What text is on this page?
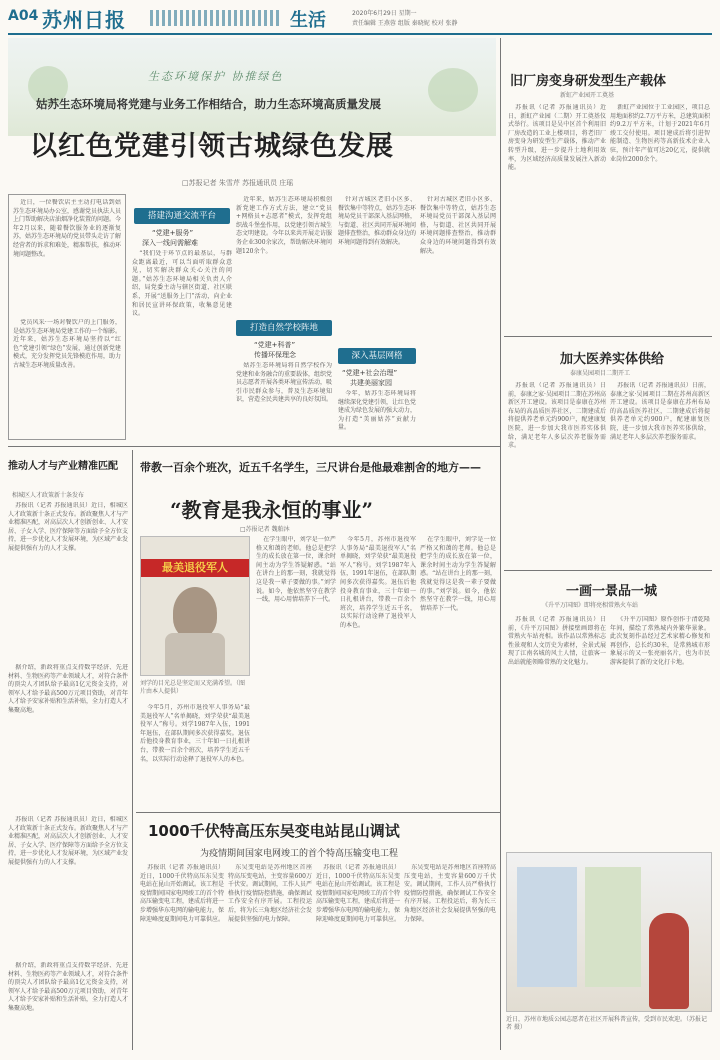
A04 苏州日报	生活	2020年6月29日 星期一
责任编辑 王燕蓉 组版 秦晓妮 校对 张静
生态环境保护 协推绿色
姑苏生态环境局将党建与业务工作相结合，助力生态环境高质量发展
以红色党建引领古城绿色发展
□苏报记者 朱雪芹 苏报通讯员 庄瑶
近日，一位餐饮店主主动打电话到姑苏生态环境局办公室，感谢党员执法人员上门帮助解决店油烟净化装置的问题。今年2月以来，随着餐饮服务业的逐渐复苏，姑苏生态环境局的党员带头走访了解经营者的诉求和难处，精准帮扶，推动环境问题整改。
党员风采·一场对餐饮户的上门服务，是姑苏生态环境局党建工作的一个缩影。近年来，姑苏生态环境局坚持以“红色”党建引领“绿色”发展，通过创新党建模式，充分发挥党员先锋模范作用，助力古城生态环境质量改善。
搭建沟通交流平台
“党建+服务”
深入一线问需解难
“我们处于环节点的最基层，与群众距离最近，可以当面听取群众意见，切实解决群众关心关注的问题。”姑苏生态环境局相关负责人介绍，局党委主动与辖区街道、社区联系，开展“送服务上门”活动，向企业和居民宣讲环保政策，收集意见建议。
近年来，姑苏生态环境局积极创新党建工作方式方法，建立“党员+网格员+志愿者”模式，发挥党组织战斗堡垒作用，以党建引领古城生态文明建设。今年以来共开展走访服务企业300余家次，帮助解决环境问题120余个。
打造自然学校阵地
“党建+科普”
传播环保理念
姑苏生态环境局将自然学校作为党建和业务融合的重要载体，组织党员志愿者开展各类环境宣传活动，吸引市民群众参与，普及生态环境知识，营造全民共建共享的良好氛围。
针对古城区老旧小区多、餐饮集中等特点，姑苏生态环境局党员干部深入基层网格，与街道、社区共同开展环境问题排查整治，推动群众身边的环境问题得到有效解决。
深入基层网格
“党建+社会治理”
共建美丽家园
今年，姑苏生态环境局将继续深化党建引领，让红色党建成为绿色发展的强大动力，为打造“美丽姑苏”贡献力量。
针对古城区老旧小区多、餐饮集中等特点，姑苏生态环境局党员干部深入基层网格，与街道、社区共同开展环境问题排查整治，推动群众身边的环境问题得到有效解决。
旧厂房变身研发型生产载体
新虹产业园开工奠基
苏报讯（记者 苏报通讯员）近日，新虹产业园（二期）开工奠基仪式举行。该项目是吴中区首个利用旧厂房改造的工业上楼项目，将老旧厂房变身为研发型生产载体，推动产业转型升级，进一步提升土地利用效率，为区域经济高质量发展注入新动能。
新虹产业园位于工业园区，项目总用地面积约2.7万平方米，总建筑面积约9.2万平方米，计划于2021年6月竣工交付使用。项目建成后将引进智能制造、生物医药等高新技术企业入驻，预计年产值可达20亿元，提供就业岗位2000余个。
加大医养实体供给
泰康吴园项目二期开工
苏报讯（记者 苏报通讯员）日前，泰康之家·吴园项目二期在苏州高新区开工建设。该项目是泰康在苏州布局的高品质医养社区，二期建成后将提供养老单元约900户，配建康复医院，进一步加大我市医养实体供给，满足老年人多层次养老服务需求。
苏报讯（记者 苏报通讯员）日前，泰康之家·吴园项目二期在苏州高新区开工建设。该项目是泰康在苏州布局的高品质医养社区，二期建成后将提供养老单元约900户，配建康复医院，进一步加大我市医养实体供给，满足老年人多层次养老服务需求。
推动人才与产业精准匹配
相城区人才政策新十条发布
苏报讯（记者 苏报通讯员）近日，相城区人才政策新十条正式发布。新政聚焦人才与产业精准匹配，对高层次人才创新创业、人才安居、子女入学、医疗保障等方面给予全方位支持，进一步优化人才发展环境，为区域产业发展提供强有力的人才支撑。
据介绍，新政将重点支持数字经济、先进材料、生物医药等产业领域人才，对符合条件的顶尖人才团队给予最高1亿元资金支持，对领军人才给予最高500万元项目资助，对青年人才给予安家补贴和生活补贴，全力打造人才集聚高地。
苏报讯（记者 苏报通讯员）近日，相城区人才政策新十条正式发布。新政聚焦人才与产业精准匹配，对高层次人才创新创业、人才安居、子女入学、医疗保障等方面给予全方位支持，进一步优化人才发展环境，为区域产业发展提供强有力的人才支撑。
据介绍，新政将重点支持数字经济、先进材料、生物医药等产业领域人才，对符合条件的顶尖人才团队给予最高1亿元资金支持，对领军人才给予最高500万元项目资助，对青年人才给予安家补贴和生活补贴，全力打造人才集聚高地。
带教一百余个班次，近五千名学生，三尺讲台是他最难割舍的地方——
“教育是我永恒的事业”
□苏报记者 魏舶沐
最美退役军人
刘学的目光总是坚定而又充满希望。（图片由本人提供）
今年5月，苏州市退役军人事务局“最美退役军人”名单揭晓，刘学荣获“最美退役军人”称号。刘学1987年入伍，1991年退伍，在部队期间多次获得嘉奖。退伍后他投身教育事业，三十年如一日扎根讲台，带教一百余个班次，培养学生近五千名，以实际行动诠释了退役军人的本色。
在学生眼中，刘学是一位严格又和蔼的老师。他总是把学生的成长放在第一位，课余时间主动为学生答疑解惑。“站在讲台上的那一刻，我就觉得这是我一辈子要做的事。”刘学说。如今，他依然坚守在教学一线，用心用情培养下一代。
今年5月，苏州市退役军人事务局“最美退役军人”名单揭晓，刘学荣获“最美退役军人”称号。刘学1987年入伍，1991年退伍，在部队期间多次获得嘉奖。退伍后他投身教育事业，三十年如一日扎根讲台，带教一百余个班次，培养学生近五千名，以实际行动诠释了退役军人的本色。
在学生眼中，刘学是一位严格又和蔼的老师。他总是把学生的成长放在第一位，课余时间主动为学生答疑解惑。“站在讲台上的那一刻，我就觉得这是我一辈子要做的事。”刘学说。如今，他依然坚守在教学一线，用心用情培养下一代。
1000千伏特高压东吴变电站昆山调试
为疫情期间国家电网竣工的首个特高压输变电工程
苏报讯（记者 苏报通讯员）近日，1000千伏特高压东吴变电站在昆山开始调试。该工程是疫情期间国家电网竣工的首个特高压输变电工程，建成后将进一步增强华东电网的输电能力，保障迎峰度夏期间电力可靠供应。
东吴变电站是苏州地区首座特高压变电站，主变容量600万千伏安。调试期间，工作人员严格执行疫情防控措施，确保调试工作安全有序开展。工程投运后，将为长三角地区经济社会发展提供坚强的电力保障。
苏报讯（记者 苏报通讯员）近日，1000千伏特高压东吴变电站在昆山开始调试。该工程是疫情期间国家电网竣工的首个特高压输变电工程，建成后将进一步增强华东电网的输电能力，保障迎峰度夏期间电力可靠供应。
东吴变电站是苏州地区首座特高压变电站，主变容量600万千伏安。调试期间，工作人员严格执行疫情防控措施，确保调试工作安全有序开展。工程投运后，将为长三角地区经济社会发展提供坚强的电力保障。
一画一景品一城
《升平万国图》即将亮相常熟火车站
苏报讯（记者 苏报通讯员）日前，《升平万国图》拼接壁画即将在常熟火车站亮相。该作品以常熟标志性景观和人文历史为素材，全景式展现了江南名城的风土人情，让旅客一出站就能领略常熟的文化魅力。
《升平万国图》原作创作于清乾隆年间，描绘了常熟城内外繁华景象。此次复刻作品经过艺术家精心修复和再创作，总长约30米，是常熟城市形象展示的又一张亮丽名片，也为市民游客提供了新的文化打卡地。
近日，苏州市地质公园志愿者在社区开展科普宣传，受到市民欢迎。（苏报记者 摄）
